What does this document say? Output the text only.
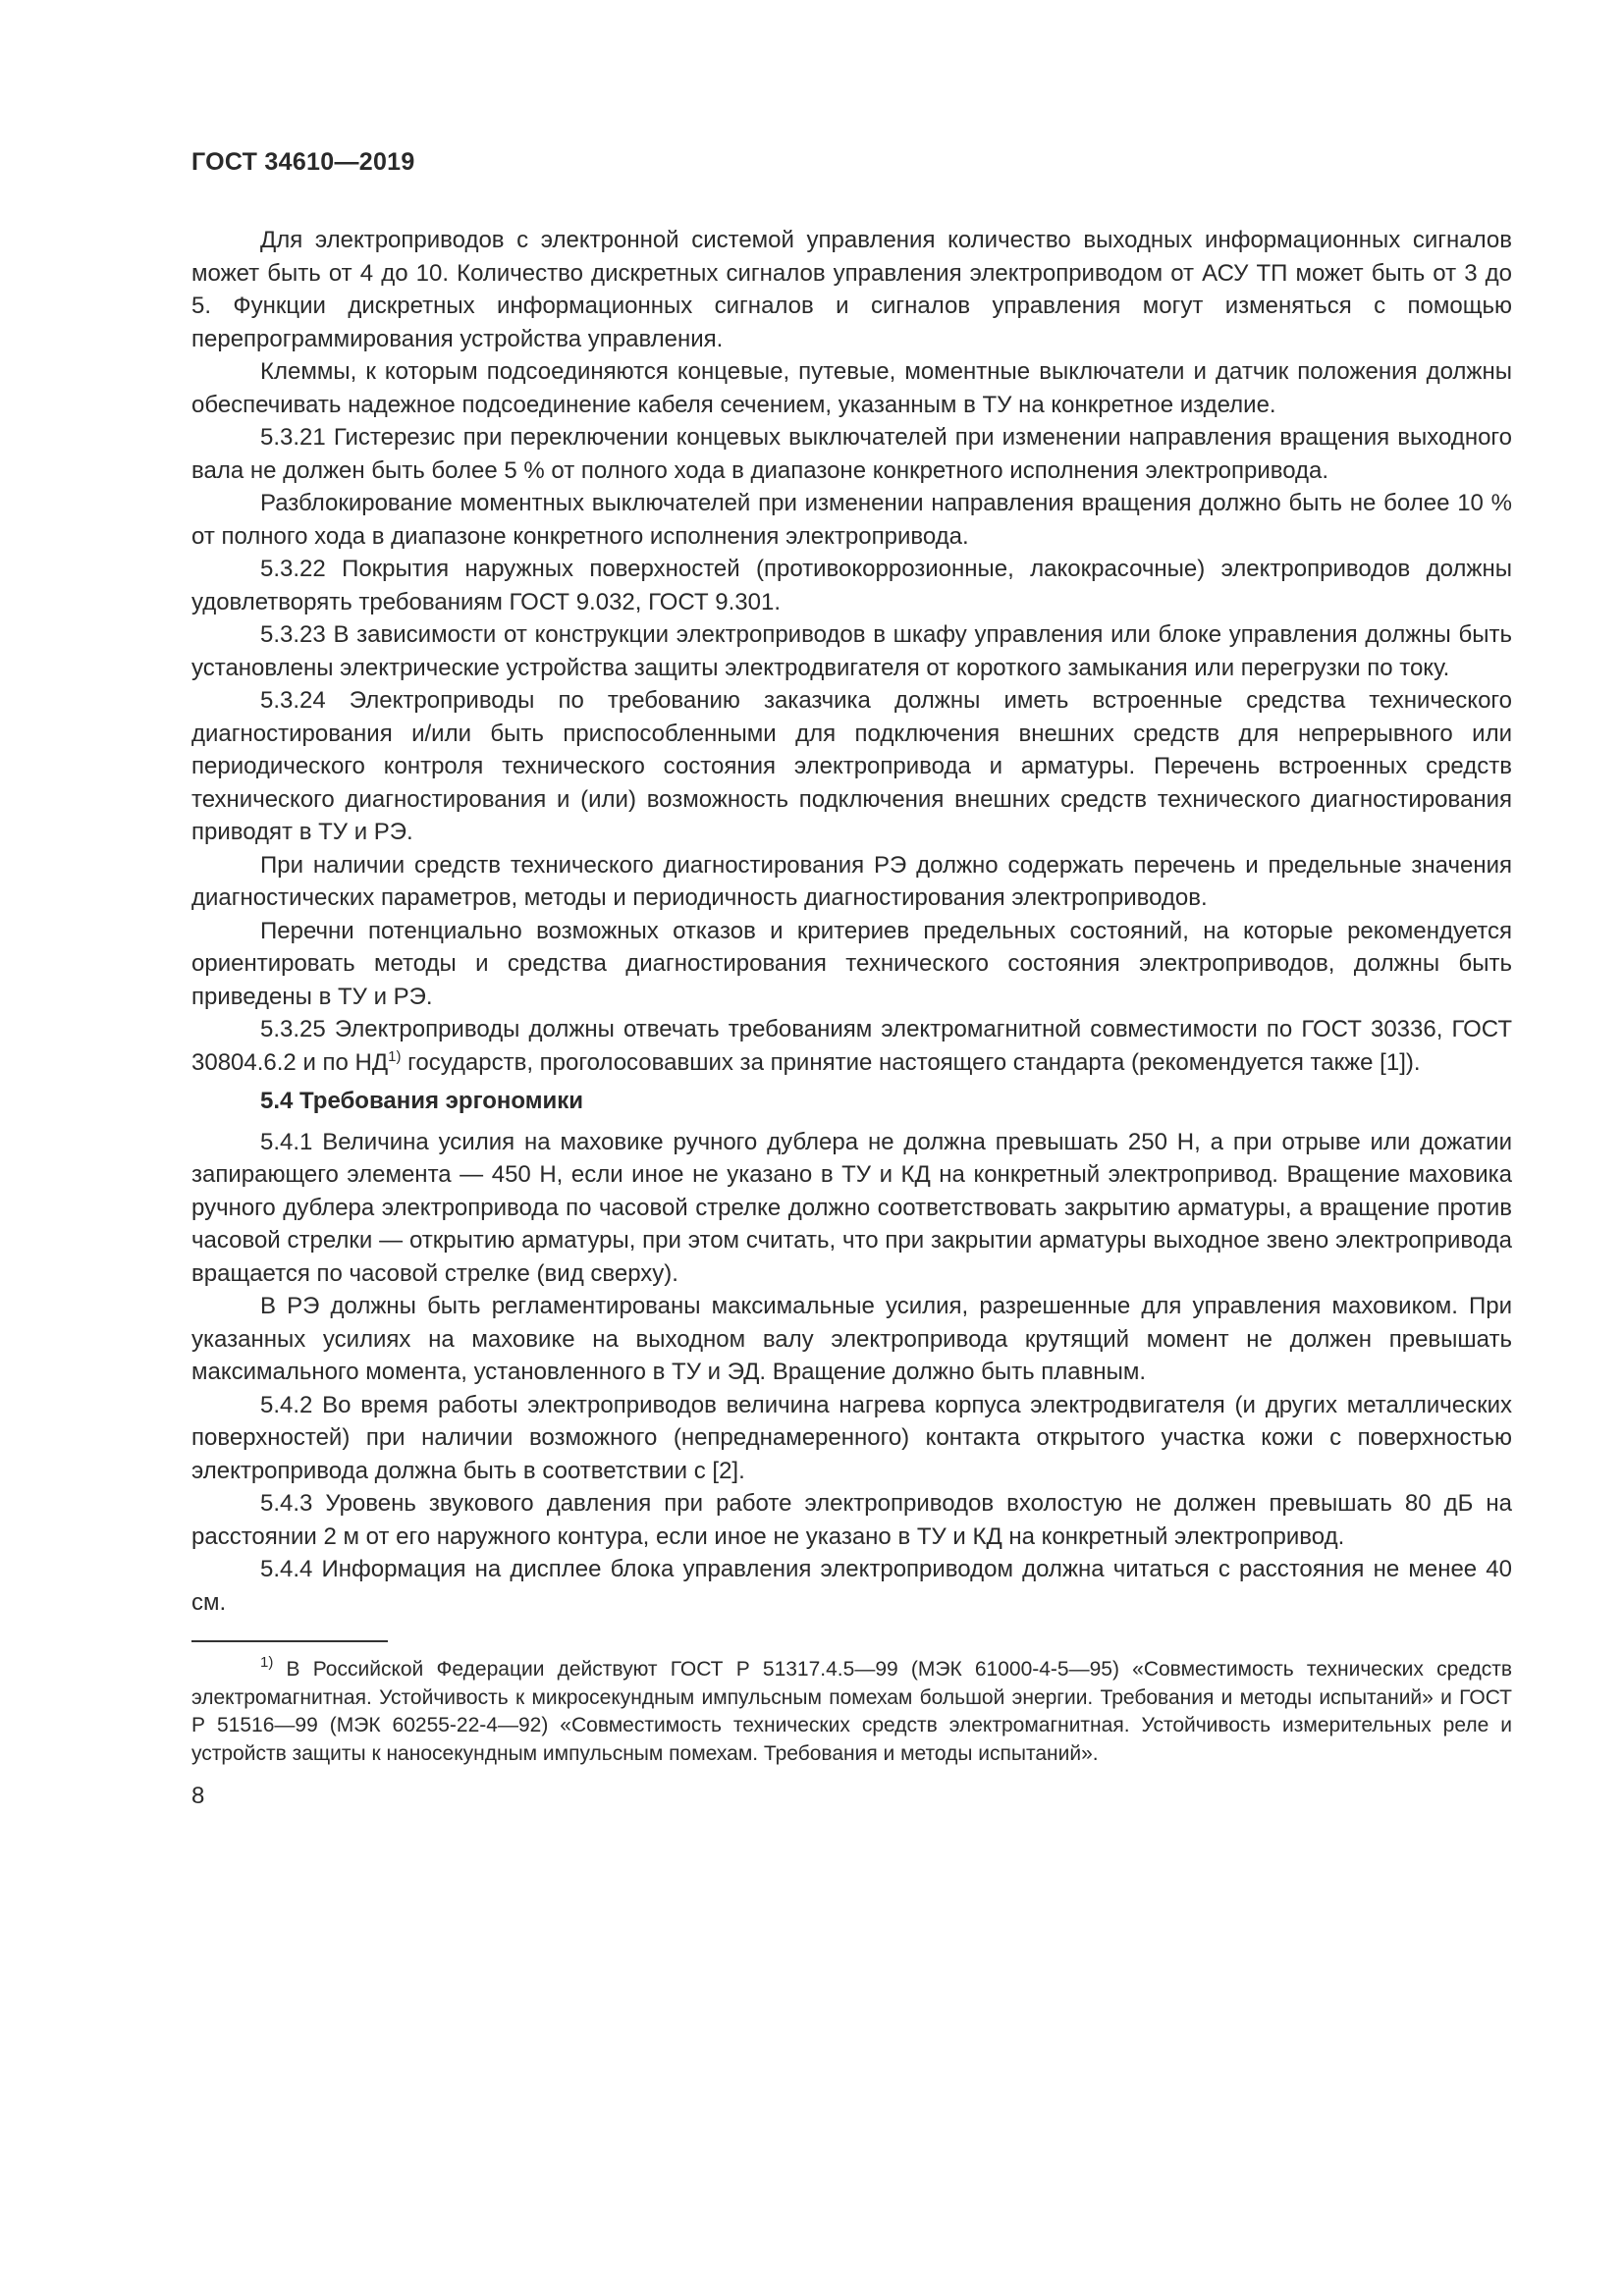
ГОСТ 34610—2019

Для электроприводов с электронной системой управления количество выходных информационных сигналов может быть от 4 до 10. Количество дискретных сигналов управления электроприводом от АСУ ТП может быть от 3 до 5. Функции дискретных информационных сигналов и сигналов управления могут изменяться с помощью перепрограммирования устройства управления.

Клеммы, к которым подсоединяются концевые, путевые, моментные выключатели и датчик положения должны обеспечивать надежное подсоединение кабеля сечением, указанным в ТУ на конкретное изделие.

5.3.21 Гистерезис при переключении концевых выключателей при изменении направления вращения выходного вала не должен быть более 5 % от полного хода в диапазоне конкретного исполнения электропривода.

Разблокирование моментных выключателей при изменении направления вращения должно быть не более 10 % от полного хода в диапазоне конкретного исполнения электропривода.

5.3.22 Покрытия наружных поверхностей (противокоррозионные, лакокрасочные) электроприводов должны удовлетворять требованиям ГОСТ 9.032, ГОСТ 9.301.

5.3.23 В зависимости от конструкции электроприводов в шкафу управления или блоке управления должны быть установлены электрические устройства защиты электродвигателя от короткого замыкания или перегрузки по току.

5.3.24 Электроприводы по требованию заказчика должны иметь встроенные средства технического диагностирования и/или быть приспособленными для подключения внешних средств для непрерывного или периодического контроля технического состояния электропривода и арматуры. Перечень встроенных средств технического диагностирования и (или) возможность подключения внешних средств технического диагностирования приводят в ТУ и РЭ.

При наличии средств технического диагностирования РЭ должно содержать перечень и предельные значения диагностических параметров, методы и периодичность диагностирования электроприводов.

Перечни потенциально возможных отказов и критериев предельных состояний, на которые рекомендуется ориентировать методы и средства диагностирования технического состояния электроприводов, должны быть приведены в ТУ и РЭ.

5.3.25 Электроприводы должны отвечать требованиям электромагнитной совместимости по ГОСТ 30336, ГОСТ 30804.6.2 и по НД$^{1)}$ государств, проголосовавших за принятие настоящего стандарта (рекомендуется также [1]).

5.4 Требования эргономики

5.4.1 Величина усилия на маховике ручного дублера не должна превышать 250 Н, а при отрыве или дожатии запирающего элемента — 450 Н, если иное не указано в ТУ и КД на конкретный электропривод. Вращение маховика ручного дублера электропривода по часовой стрелке должно соответствовать закрытию арматуры, а вращение против часовой стрелки — открытию арматуры, при этом считать, что при закрытии арматуры выходное звено электропривода вращается по часовой стрелке (вид сверху).

В РЭ должны быть регламентированы максимальные усилия, разрешенные для управления маховиком. При указанных усилиях на маховике на выходном валу электропривода крутящий момент не должен превышать максимального момента, установленного в ТУ и ЭД. Вращение должно быть плавным.

5.4.2 Во время работы электроприводов величина нагрева корпуса электродвигателя (и других металлических поверхностей) при наличии возможного (непреднамеренного) контакта открытого участка кожи с поверхностью электропривода должна быть в соответствии с [2].

5.4.3 Уровень звукового давления при работе электроприводов вхолостую не должен превышать 80 дБ на расстоянии 2 м от его наружного контура, если иное не указано в ТУ и КД на конкретный электропривод.

5.4.4 Информация на дисплее блока управления электроприводом должна читаться с расстояния не менее 40 см.

$^{1)}$ В Российской Федерации действуют ГОСТ Р 51317.4.5—99 (МЭК 61000-4-5—95) «Совместимость технических средств электромагнитная. Устойчивость к микросекундным импульсным помехам большой энергии. Требования и методы испытаний» и ГОСТ Р 51516—99 (МЭК 60255-22-4—92) «Совместимость технических средств электромагнитная. Устойчивость измерительных реле и устройств защиты к наносекундным импульсным помехам. Требования и методы испытаний».

8
